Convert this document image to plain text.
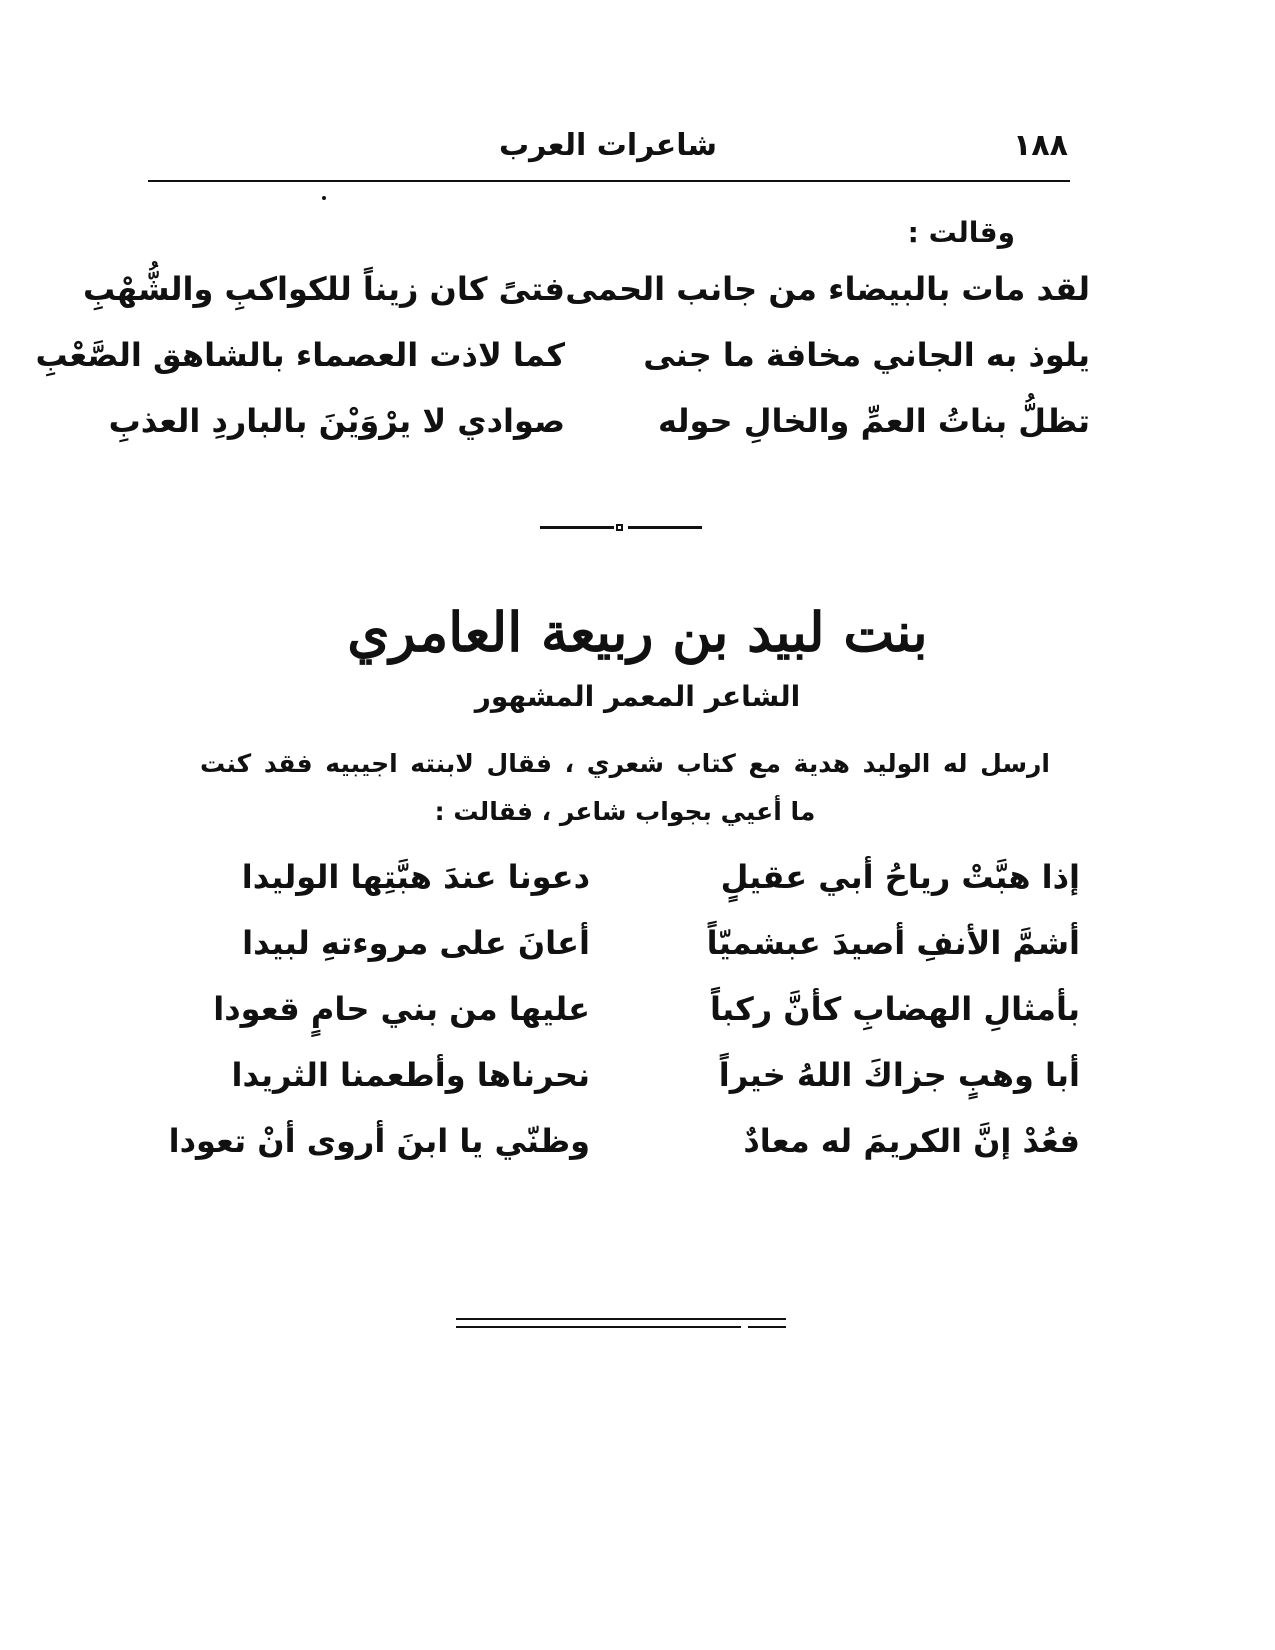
شاعرات العرب	١٨٨
وقالت :
لقد مات بالبيضاء من جانب الحمى
فتىً كان زيناً للكواكبِ والشُّهْبِ
يلوذ به الجاني مخافة ما جنى
كما لاذت العصماء بالشاهق الصَّعْبِ
تظلُّ بناتُ العمِّ والخالِ حوله
صوادي لا يرْوَيْنَ بالباردِ العذبِ
بنت لبيد بن ربيعة العامري
الشاعر المعمر المشهور
ارسل له الوليد هدية مع كتاب شعري ، فقال لابنته اجيبيه فقد كنت
ما أعيي بجواب شاعر ، فقالت :
إذا هبَّتْ رياحُ أبي عقيلٍ
دعونا عندَ هبَّتِها الوليدا
أشمَّ الأنفِ أصيدَ عبشميّاً
أعانَ على مروءتهِ لبيدا
بأمثالِ الهضابِ كأنَّ ركباً
عليها من بني حامٍ قعودا
أبا وهبٍ جزاكَ اللهُ خيراً
نحرناها وأطعمنا الثريدا
فعُدْ إنَّ الكريمَ له معادٌ
وظنّي يا ابنَ أروى أنْ تعودا
